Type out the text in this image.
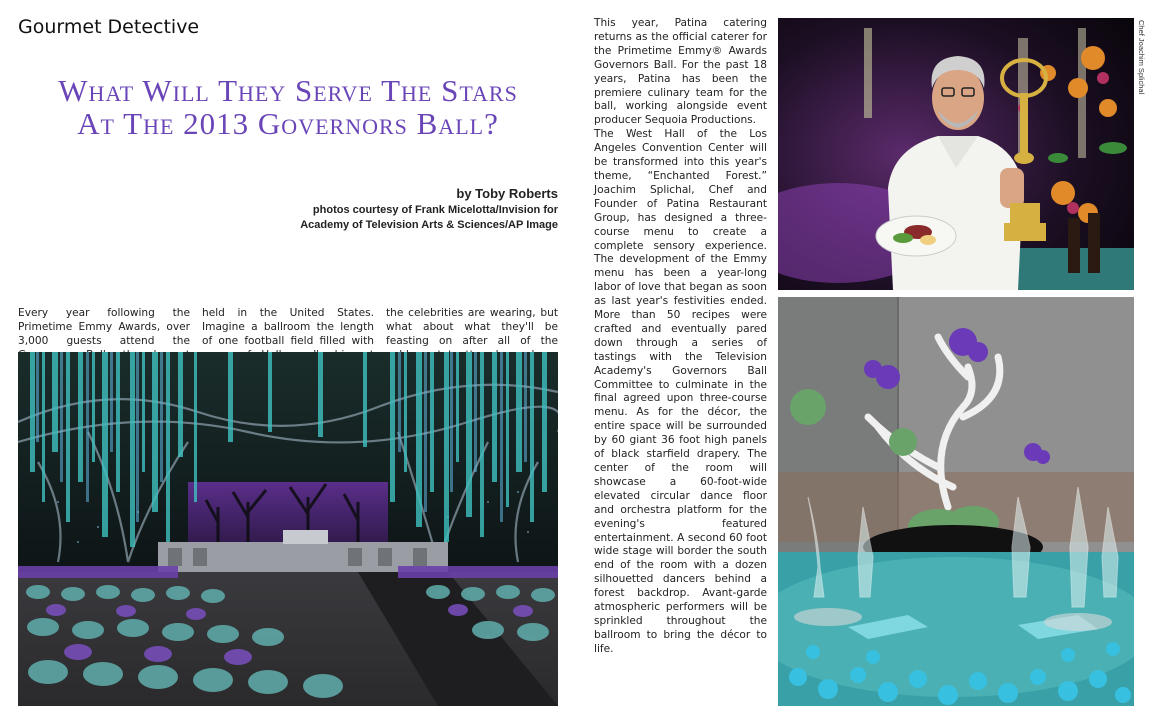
Gourmet Detective
What Will They Serve The Stars
At The 2013 Governors Ball?
by Toby Roberts
photos courtesy of Frank Micelotta/Invision for
Academy of Television Arts & Sciences/AP Image
Every year following the Primetime Emmy Awards, over 3,000 guests attend the held in the United States. Imagine a ballroom the length of one football field filled with the celebrities are wearing, but what about what they'll be feasting on after all of the

This year, Patina catering returns as the official caterer for the Primetime Emmy® Awards Governors Ball. For the past 18 years, Patina has been the premiere culinary team for the ball, working alongside event producer Sequoia Productions.

The West Hall of the Los Angeles Convention Center will be transformed into this year's theme, “Enchanted Forest.” Joachim Splichal, Chef and Founder of Patina Restaurant Group, has designed a three-course menu to create a complete sensory experience. The development of the Emmy menu has been a year-long labor of love that began as soon as last year's festivities ended. More than 50 recipes were crafted and eventually pared down through a series of tastings with the Television Academy's Governors Ball Committee to culminate in the final agreed upon three-course menu. As for the décor, the entire space will be surrounded by 60 giant 36 foot high panels of black starfield drapery. The center of the room will showcase a 60-foot-wide elevated circular dance floor and orchestra platform for the evening's featured entertainment. A second 60 foot wide stage will border the south end of the room with a dozen silhouetted dancers behind a forest backdrop. Avant-garde atmospheric performers will be sprinkled throughout the ballroom to bring the décor to life.

Chef Joachim Splichal
